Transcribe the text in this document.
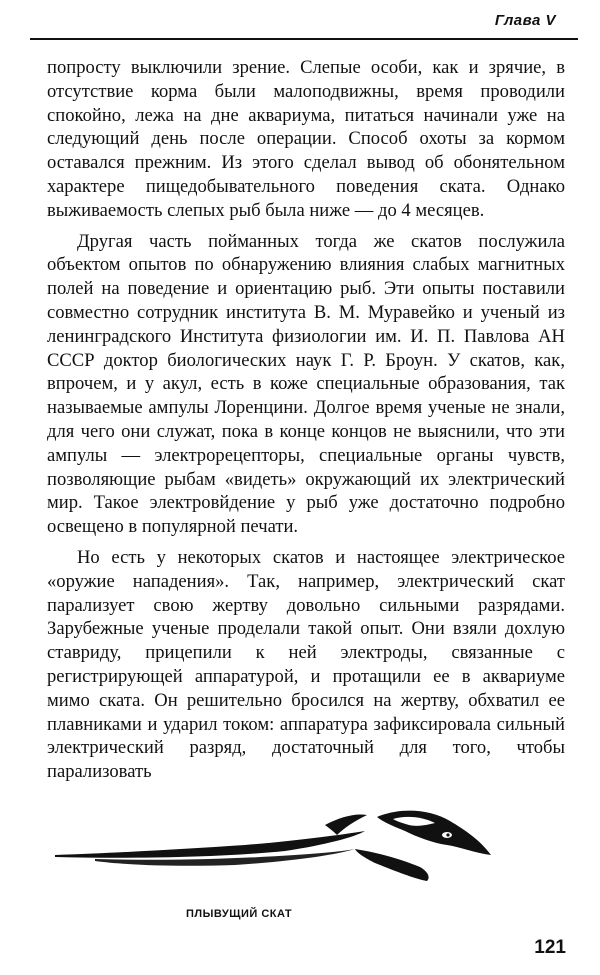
Глава V

попросту выключили зрение. Слепые особи, как и зрячие, в отсутствие корма были малоподвижны, время проводили спокойно, лежа на дне аквариума, питаться начинали уже на следующий день после операции. Способ охоты за кормом оставался прежним. Из этого сделал вывод об обонятельном характере пищедобывательного поведения ската. Однако выживаемость слепых рыб была ниже — до 4 месяцев.

Другая часть пойманных тогда же скатов послужила объектом опытов по обнаружению влияния слабых магнитных полей на поведение и ориентацию рыб. Эти опыты поставили совместно сотрудник института В. М. Муравейко и ученый из ленинградского Института физиологии им. И. П. Павлова АН СССР доктор биологических наук Г. Р. Броун. У скатов, как, впрочем, и у акул, есть в коже специальные образования, так называемые ампулы Лоренцини. Долгое время ученые не знали, для чего они служат, пока в конце концов не выяснили, что эти ампулы — электрорецепторы, специальные органы чувств, позволяющие рыбам «видеть» окружающий их электрический мир. Такое электровйдение у рыб уже достаточно подробно освещено в популярной печати.

Но есть у некоторых скатов и настоящее электрическое «оружие нападения». Так, например, электрический скат парализует свою жертву довольно сильными разрядами. Зарубежные ученые проделали такой опыт. Они взяли дохлую ставриду, прицепили к ней электроды, связанные с регистрирующей аппаратурой, и протащили ее в аквариуме мимо ската. Он решительно бросился на жертву, обхватил ее плавниками и ударил током: аппаратура зафиксировала сильный электрический разряд, достаточный для того, чтобы парализовать

ПЛЫВУЩИЙ СКАТ
121
